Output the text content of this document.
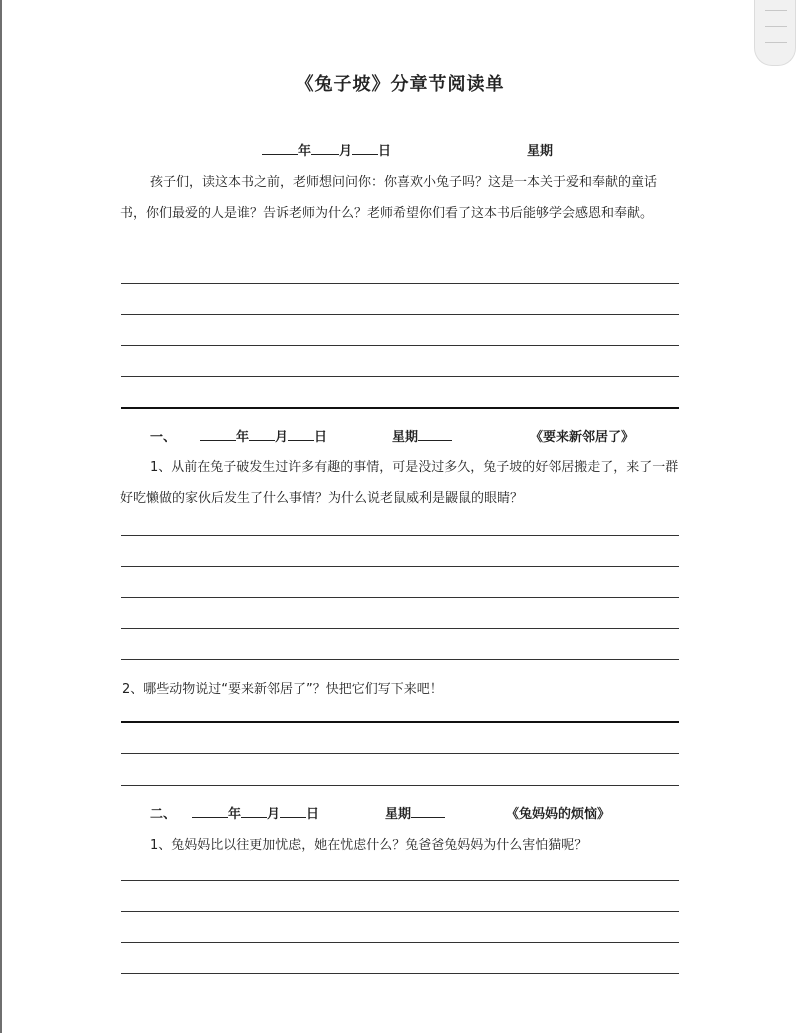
《兔子坡》分章节阅读单
年 月 日	星期
孩子们，读这本书之前，老师想问问你：你喜欢小兔子吗？这是一本关于爱和奉献的童话书，你们最爱的人是谁？告诉老师为什么？老师希望你们看了这本书后能够学会感恩和奉献。
一、	年 月 日	星期	《要来新邻居了》
1、从前在兔子破发生过许多有趣的事情，可是没过多久，兔子坡的好邻居搬走了，来了一群好吃懒做的家伙后发生了什么事情？为什么说老鼠威利是鼹鼠的眼睛？
2、哪些动物说过“要来新邻居了”？快把它们写下来吧！
二、	年 月 日	星期	《兔妈妈的烦恼》
1、兔妈妈比以往更加忧虑，她在忧虑什么？兔爸爸兔妈妈为什么害怕猫呢？
